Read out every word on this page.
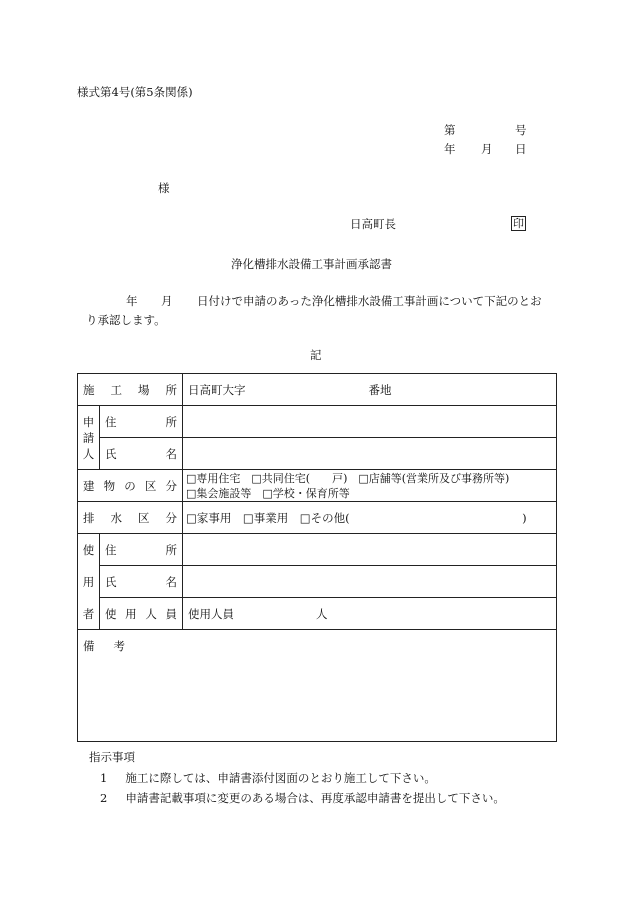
様式第4号(第5条関係)
第	号
年 月 日
様
日高町長	印
浄化槽排水設備工事計画承認書
年 月 日付けで申請のあった浄化槽排水設備工事計画について下記のとお
り承認します。
記
施 工 場 所		日高町大字 番地

申
請
人	住 所	

	氏 名	

建 物 の 区 分		□専用住宅　□共同住宅(　　戸)　□店舗等(営業所及び事務所等)
□集会施設等　□学校・保育所等

排 水 区 分		□家事用　□事業用　□その他(　　　　　　　　　　　　　　　)

使
用
者	住 所	

	氏 名	

	使 用 人 員	使用人員 人
備 考		
指示事項
1 施工に際しては、申請書添付図面のとおり施工して下さい。
2 申請書記載事項に変更のある場合は、再度承認申請書を提出して下さい。
